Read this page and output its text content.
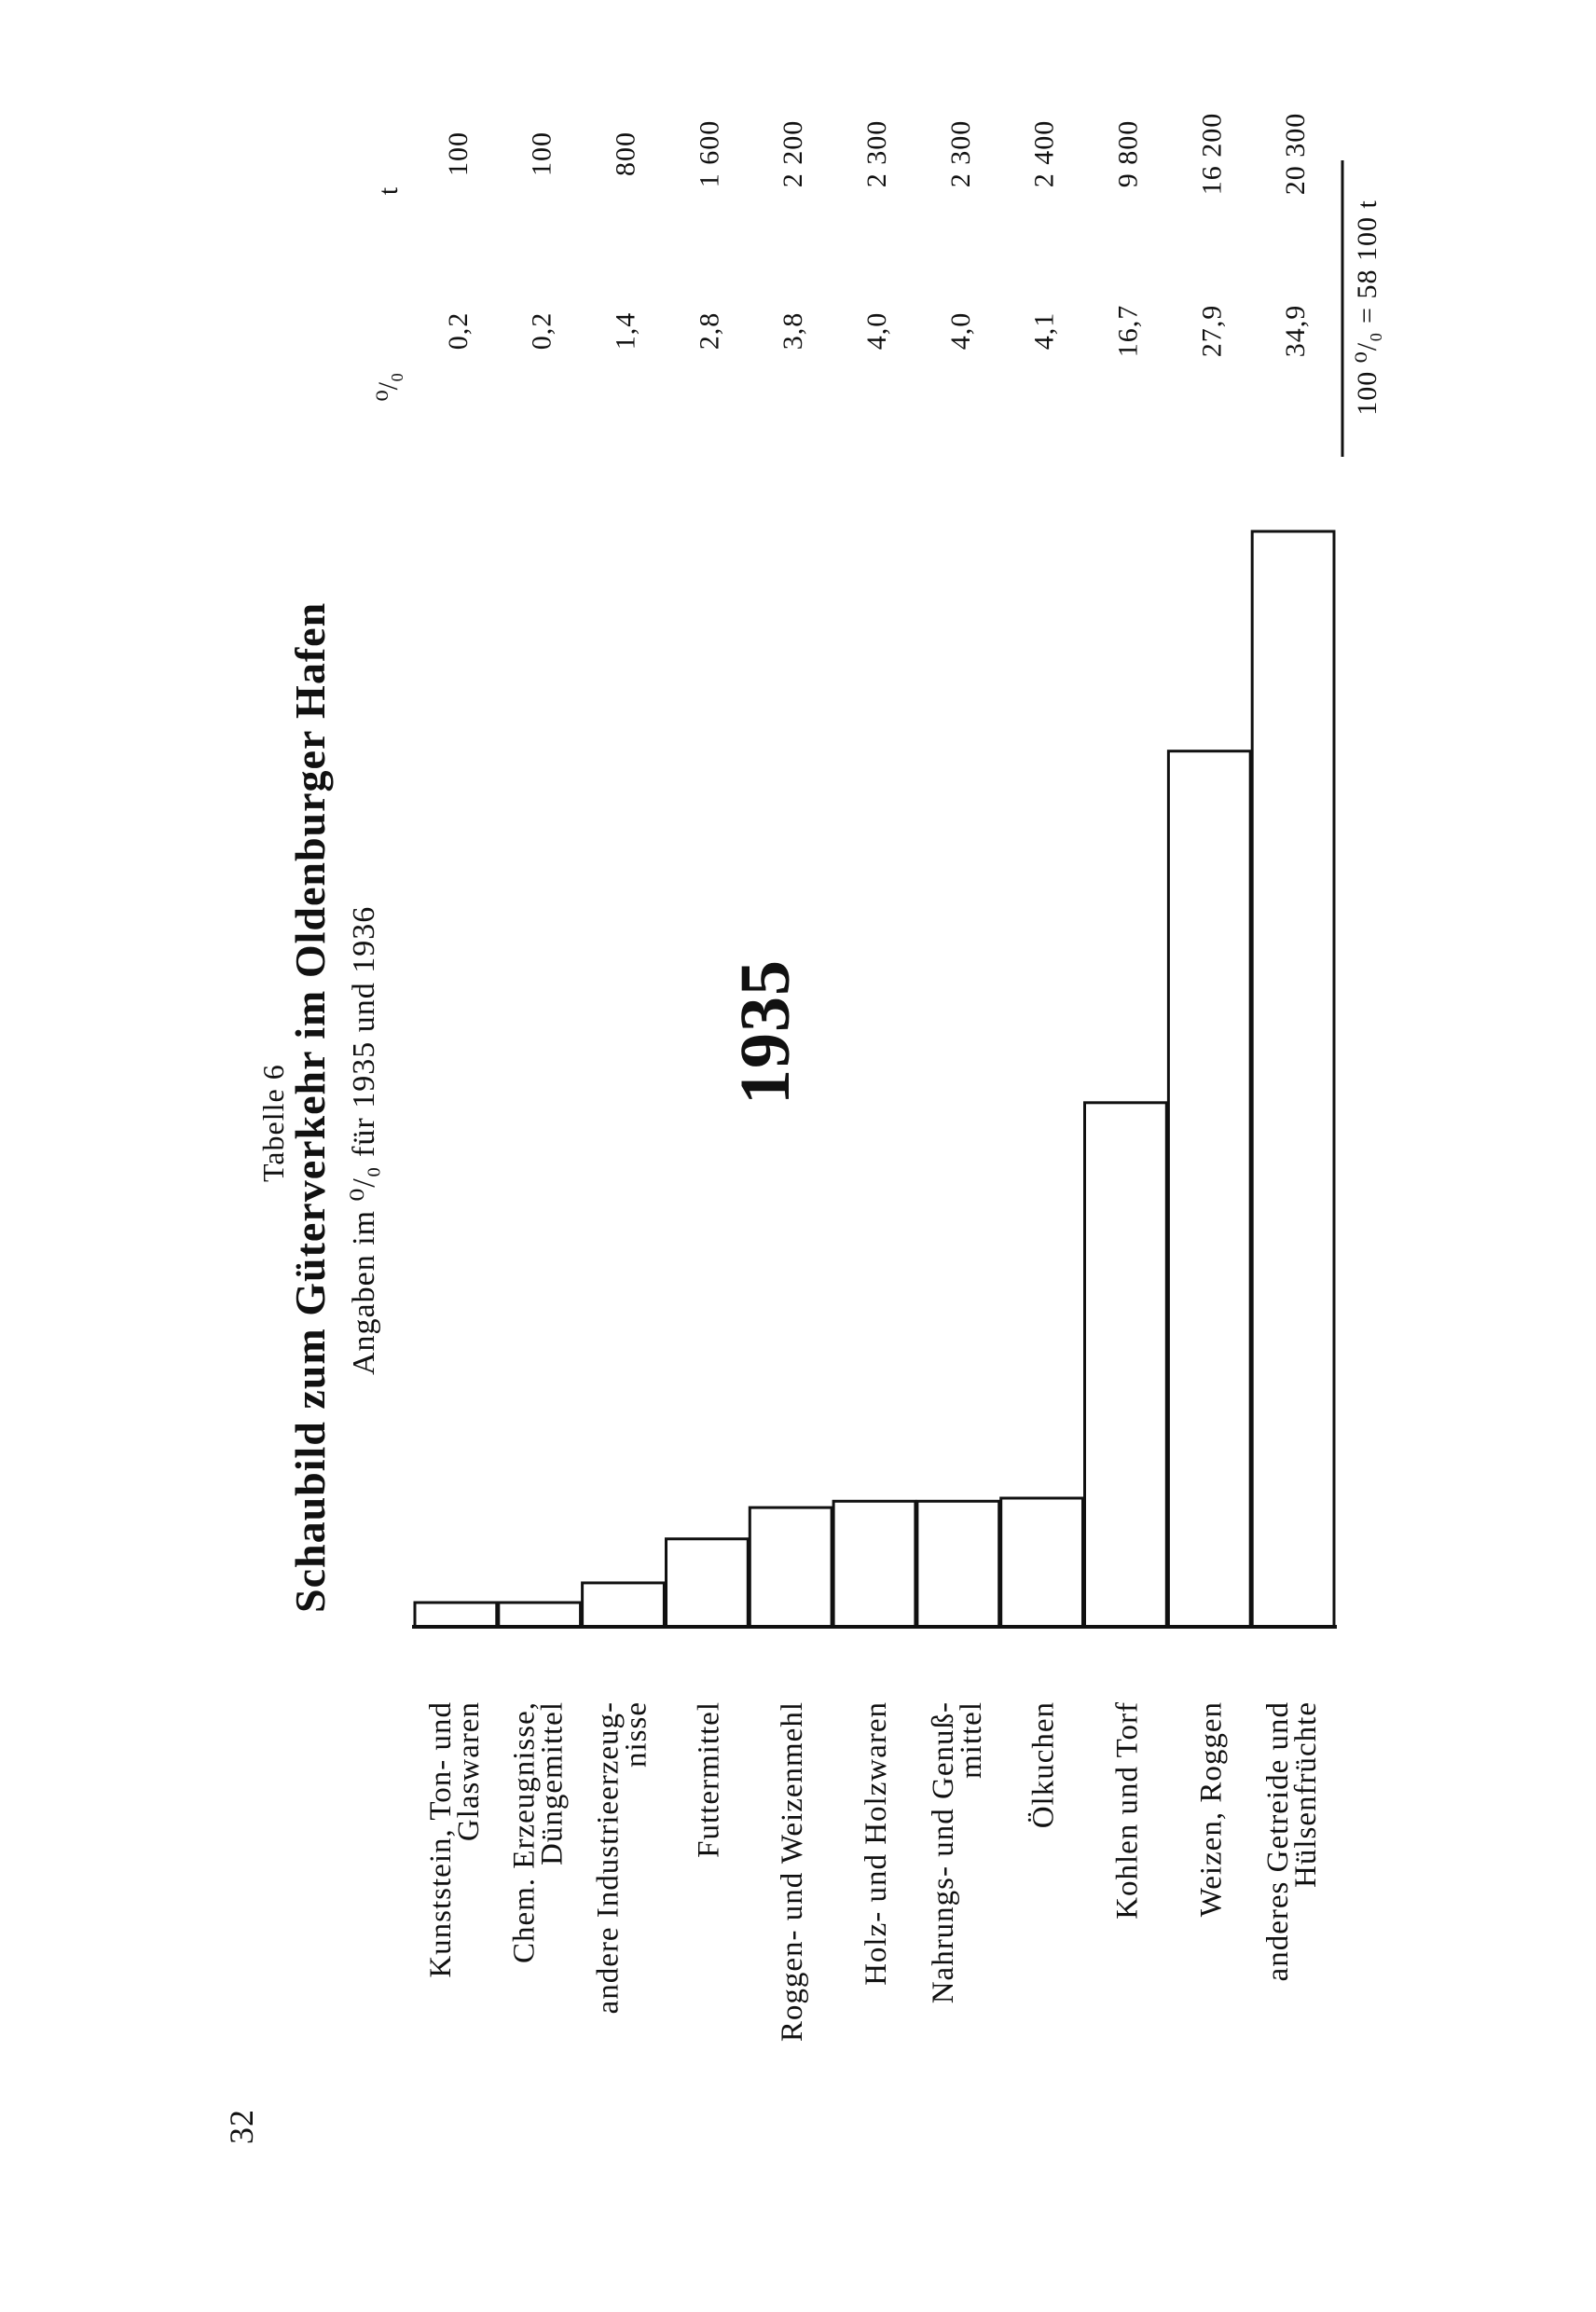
Kunststein, Ton- undGlaswaren Chem. Erzeugnisse,Düngemittel andere Industrieerzeug-nisse Futtermittel Roggen- und Weizenmehl Holz- und Holzwaren Nahrungs- und Genuß-mittel Ölkuchen Kohlen und Torf Weizen, Roggen anderes Getreide undHülsenfrüchte
0,2 0,2 1,4 2,8 3,8 4,0 4,0 4,1 16,7 27,9 34,9
100 100 800 1 600 2 200 2 300 2 300 2 400 9 800 16 200 20 300
⁰/₀
t
100 ⁰/₀ = 58 100 t
32
Tabelle 6
Schaubild zum Güterverkehr im Oldenburger Hafen Angaben im ⁰/₀ für 1935 und 1936	1935
